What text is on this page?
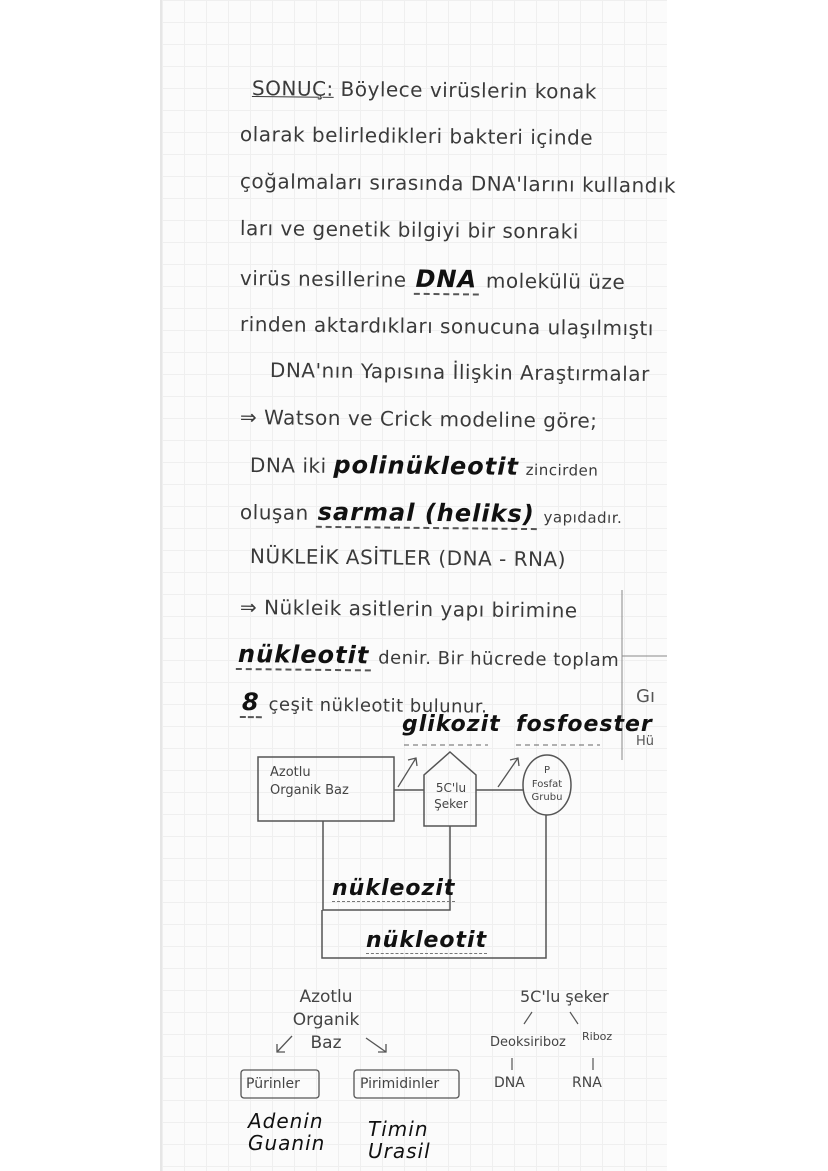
SONUÇ: Böylece virüslerin konak
olarak belirledikleri bakteri içinde
çoğalmaları sırasında DNA'larını kullandık
ları ve genetik bilgiyi bir sonraki
virüs nesillerine DNA molekülü üze
rinden aktardıkları sonucuna ulaşılmıştı
DNA'nın Yapısına İlişkin Araştırmalar
⇒ Watson ve Crick modeline göre;
DNA iki polinükleotit zincirden
oluşan sarmal (heliks) yapıdadır.
NÜKLEİK ASİTLER (DNA - RNA)
⇒ Nükleik asitlerin yapı birimine
nükleotit denir. Bir hücrede toplam
8 çeşit nükleotit bulunur.	Gı
Hü
glikozit fosfoester
Azotlu
Organik Baz	5C'lu
Şeker
P
Fosfat
Grubu
nükleozit
nükleotit
Azotlu Organik
Baz
Pürinler	Pirimidinler
Adenin
Guanin
Timin
Urasil
5C'lu şeker
Deoksiriboz Riboz
DNA	RNA
